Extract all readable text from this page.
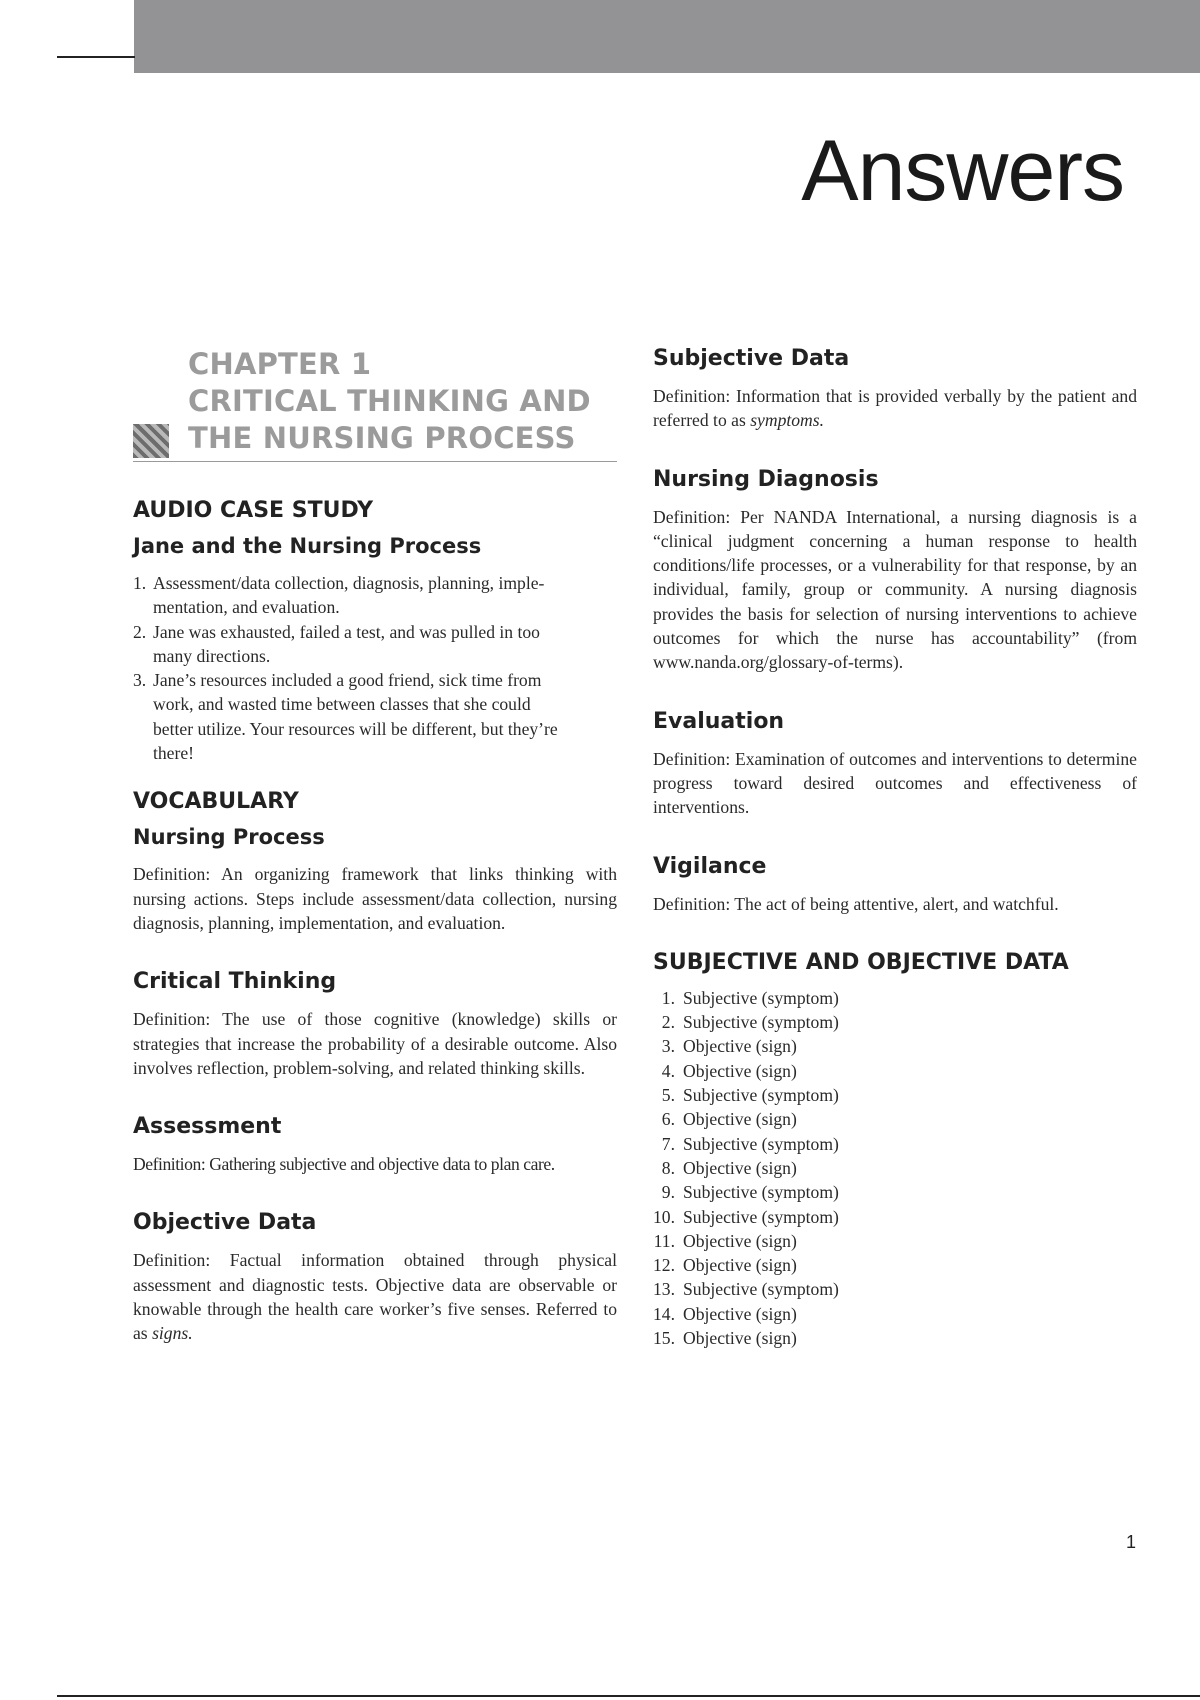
Answers
CHAPTER 1
CRITICAL THINKING AND
THE NURSING PROCESS
AUDIO CASE STUDY
Jane and the Nursing Process
1. Assessment/data collection, diagnosis, planning, imple-
mentation, and evaluation.
2. Jane was exhausted, failed a test, and was pulled in too
many directions.
3. Jane’s resources included a good friend, sick time from
work, and wasted time between classes that she could
better utilize. Your resources will be different, but they’re
there!
VOCABULARY
Nursing Process

Definition: An organizing framework that links thinking with nursing actions. Steps include assessment/data collection, nursing diagnosis, planning, implementation, and evaluation.

Critical Thinking

Definition: The use of those cognitive (knowledge) skills or strategies that increase the probability of a desirable outcome. Also involves reflection, problem-solving, and related thinking skills.

Assessment

Definition: Gathering subjective and objective data to plan care.

Objective Data

Definition: Factual information obtained through physical assessment and diagnostic tests. Objective data are observable or knowable through the health care worker’s five senses. Referred to as signs.

Subjective Data

Definition: Information that is provided verbally by the patient and referred to as symptoms.

Nursing Diagnosis

Definition: Per NANDA International, a nursing diagnosis is a “clinical judgment concerning a human response to health conditions/life processes, or a vulnerability for that response, by an individual, family, group or community. A nursing diagnosis provides the basis for selection of nursing interventions to achieve outcomes for which the nurse has accountability” (from www.nanda.org/glossary-of-terms).

Evaluation

Definition: Examination of outcomes and interventions to determine progress toward desired outcomes and effectiveness of interventions.

Vigilance

Definition: The act of being attentive, alert, and watchful.

SUBJECTIVE AND OBJECTIVE DATA
1. Subjective (symptom)
2. Subjective (symptom)
3. Objective (sign)
4. Objective (sign)
5. Subjective (symptom)
6. Objective (sign)
7. Subjective (symptom)
8. Objective (sign)
9. Subjective (symptom)
10. Subjective (symptom)
11. Objective (sign)
12. Objective (sign)
13. Subjective (symptom)
14. Objective (sign)
15. Objective (sign)
1
